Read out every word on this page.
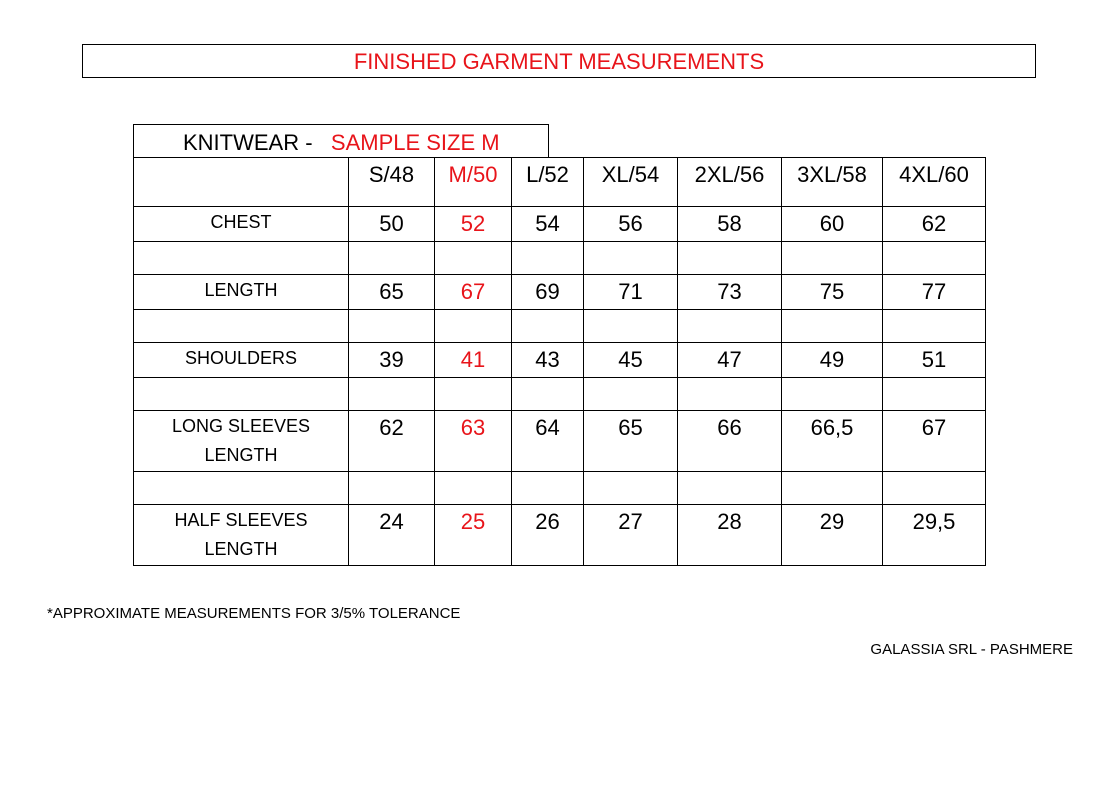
FINISHED GARMENT MEASUREMENTS
KNITWEAR -   SAMPLE SIZE M
	S/48	M/50	L/52	XL/54	2XL/56	3XL/58	4XL/60
CHEST	50	52	54	56	58	60	62

LENGTH	65	67	69	71	73	75	77

SHOULDERS	39	41	43	45	47	49	51

LONG SLEEVES
LENGTH	62	63	64	65	66	66,5	67

HALF SLEEVES
LENGTH	24	25	26	27	28	29	29,5
*APPROXIMATE MEASUREMENTS FOR 3/5% TOLERANCE
GALASSIA SRL - PASHMERE
